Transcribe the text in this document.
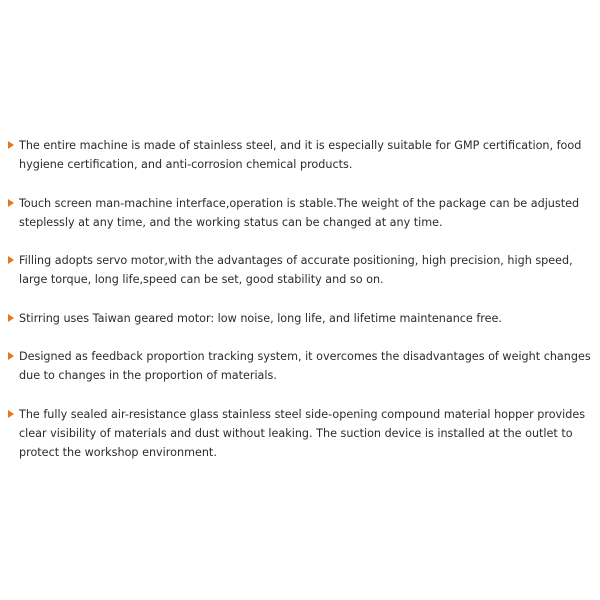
The entire machine is made of stainless steel, and it is especially suitable for GMP certification, food hygiene certification, and anti-corrosion chemical products.
Touch screen man-machine interface,operation is stable.The weight of the package can be adjusted steplessly at any time, and the working status can be changed at any time.
Filling adopts servo motor,with the advantages of accurate positioning, high precision, high speed, large torque, long life,speed can be set, good stability and so on.
Stirring uses Taiwan geared motor: low noise, long life, and lifetime maintenance free.
Designed as feedback proportion tracking system, it overcomes the disadvantages of weight changes due to changes in the proportion of materials.
The fully sealed air-resistance glass stainless steel side-opening compound material hopper provides clear visibility of materials and dust without leaking. The suction device is installed at the outlet to protect the workshop environment.
